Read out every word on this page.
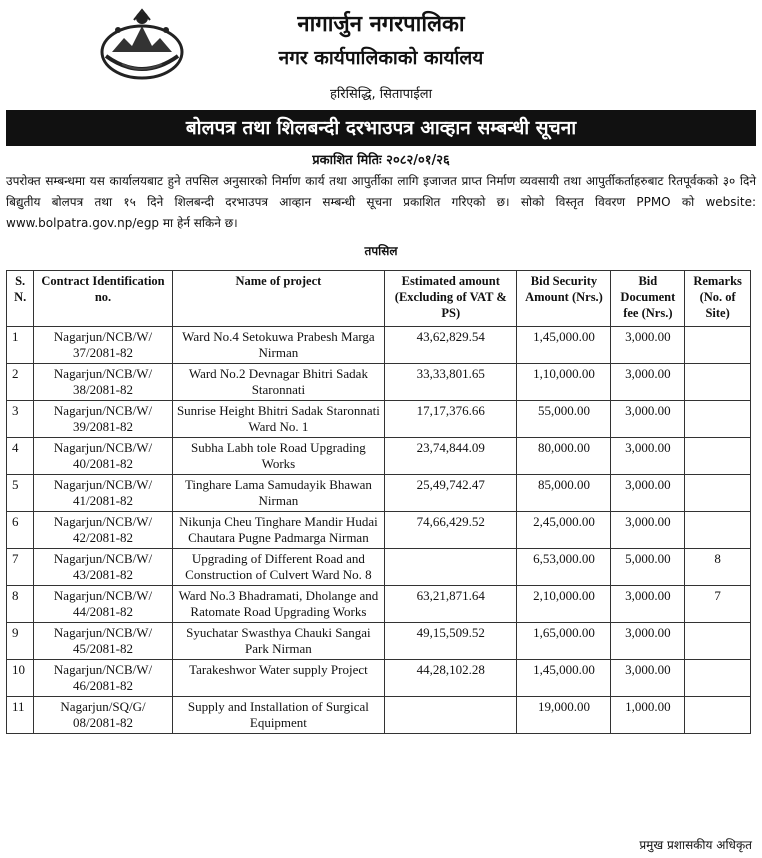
नागार्जुन नगरपालिका
नगर कार्यपालिकाको कार्यालय
हरिसिद्धि, सितापाईला
बोलपत्र तथा शिलबन्दी दरभाउपत्र आव्हान सम्बन्धी सूचना
प्रकाशित मितिः २०८२/०१/२६
उपरोक्त सम्बन्धमा यस कार्यालयबाट हुने तपसिल अनुसारको निर्माण कार्य तथा आपुर्तीका लागि इजाजत प्राप्त निर्माण व्यवसायी तथा आपुर्तीकर्ताहरुबाट रितपूर्वकको ३० दिने बिद्युतीय बोलपत्र तथा १५ दिने शिलबन्दी दरभाउपत्र आव्हान सम्बन्धी सूचना प्रकाशित गरिएको छ। सोको विस्तृत विवरण PPMO को website: www.bolpatra.gov.np/egp मा हेर्न सकिने छ।
तपसिल
S. N.	Contract Identification no.	Name of project	Estimated amount (Excluding of VAT & PS)	Bid Security Amount (Nrs.)	Bid Document fee (Nrs.)	Remarks (No. of Site)
1	Nagarjun/NCB/W/ 37/2081-82	Ward No.4 Setokuwa Prabesh Marga Nirman	43,62,829.54	1,45,000.00	3,000.00	
2	Nagarjun/NCB/W/ 38/2081-82	Ward No.2 Devnagar Bhitri Sadak Staronnati	33,33,801.65	1,10,000.00	3,000.00	
3	Nagarjun/NCB/W/ 39/2081-82	Sunrise Height Bhitri Sadak Staronnati Ward No. 1	17,17,376.66	55,000.00	3,000.00	
4	Nagarjun/NCB/W/ 40/2081-82	Subha Labh tole Road Upgrading Works	23,74,844.09	80,000.00	3,000.00	
5	Nagarjun/NCB/W/ 41/2081-82	Tinghare Lama Samudayik Bhawan Nirman	25,49,742.47	85,000.00	3,000.00	
6	Nagarjun/NCB/W/ 42/2081-82	Nikunja Cheu Tinghare Mandir Hudai Chautara Pugne Padmarga Nirman	74,66,429.52	2,45,000.00	3,000.00	
7	Nagarjun/NCB/W/ 43/2081-82	Upgrading of Different Road and Construction of Culvert Ward No. 8		6,53,000.00	5,000.00	8
8	Nagarjun/NCB/W/ 44/2081-82	Ward No.3 Bhadramati, Dholange and Ratomate Road Upgrading Works	63,21,871.64	2,10,000.00	3,000.00	7
9	Nagarjun/NCB/W/ 45/2081-82	Syuchatar Swasthya Chauki Sangai Park Nirman	49,15,509.52	1,65,000.00	3,000.00	
10	Nagarjun/NCB/W/ 46/2081-82	Tarakeshwor Water supply Project	44,28,102.28	1,45,000.00	3,000.00	
11	Nagarjun/SQ/G/ 08/2081-82	Supply and Installation of Surgical Equipment		19,000.00	1,000.00	
प्रमुख प्रशासकीय अधिकृत
